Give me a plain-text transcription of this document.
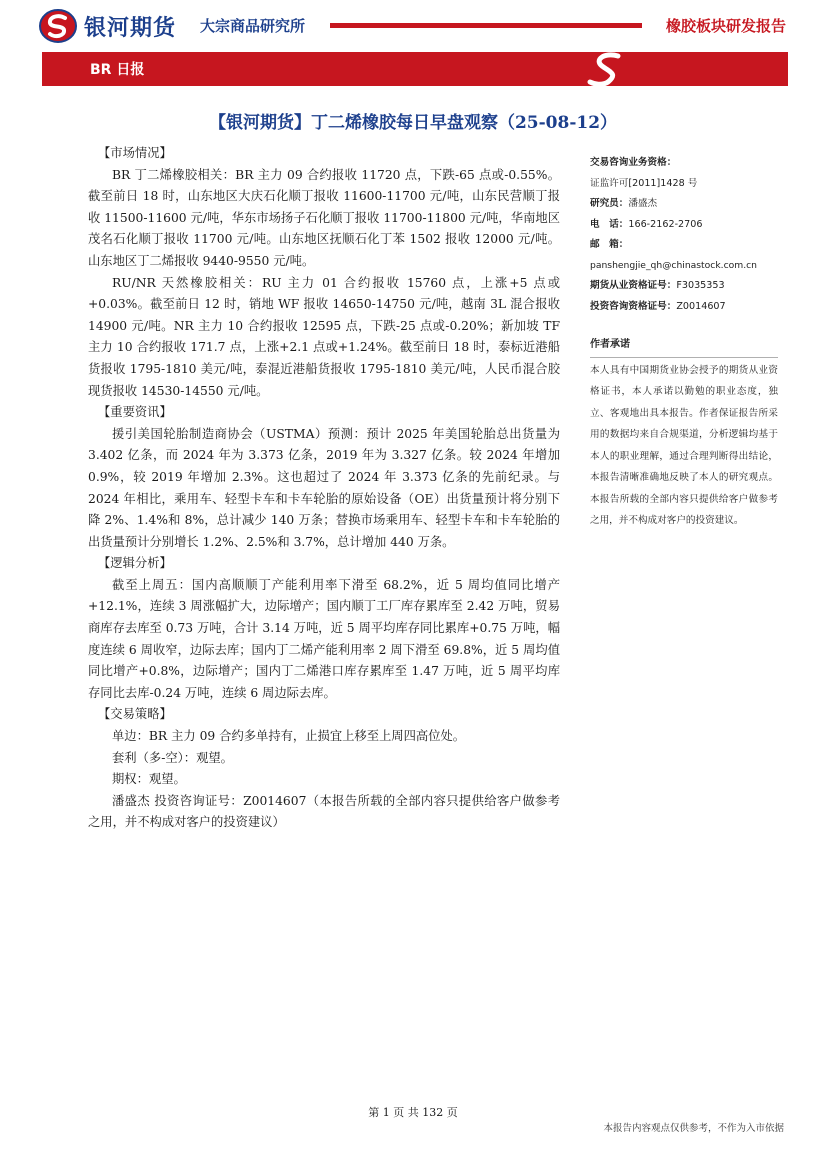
银河期货 大宗商品研究所	橡胶板块研发报告
BR 日报
【银河期货】丁二烯橡胶每日早盘观察（25-08-12）

【市场情况】

BR 丁二烯橡胶相关：BR 主力 09 合约报收 11720 点，下跌-65 点或-0.55%。截至前日 18 时，山东地区大庆石化顺丁报收 11600-11700 元/吨，山东民营顺丁报收 11500-11600 元/吨，华东市场扬子石化顺丁报收 11700-11800 元/吨，华南地区茂名石化顺丁报收 11700 元/吨。山东地区抚顺石化丁苯 1502 报收 12000 元/吨。山东地区丁二烯报收 9440-9550 元/吨。

RU/NR 天然橡胶相关：RU 主力 01 合约报收 15760 点，上涨+5 点或+0.03%。截至前日 12 时，销地 WF 报收 14650-14750 元/吨，越南 3L 混合报收 14900 元/吨。NR 主力 10 合约报收 12595 点，下跌-25 点或-0.20%；新加坡 TF 主力 10 合约报收 171.7 点，上涨+2.1 点或+1.24%。截至前日 18 时，泰标近港船货报收 1795-1810 美元/吨，泰混近港船货报收 1795-1810 美元/吨，人民币混合胶现货报收 14530-14550 元/吨。

【重要资讯】

援引美国轮胎制造商协会（USTMA）预测：预计 2025 年美国轮胎总出货量为 3.402 亿条，而 2024 年为 3.373 亿条，2019 年为 3.327 亿条。较 2024 年增加 0.9%，较 2019 年增加 2.3%。这也超过了 2024 年 3.373 亿条的先前纪录。与 2024 年相比，乘用车、轻型卡车和卡车轮胎的原始设备（OE）出货量预计将分别下降 2%、1.4%和 8%，总计减少 140 万条；替换市场乘用车、轻型卡车和卡车轮胎的出货量预计分别增长 1.2%、2.5%和 3.7%，总计增加 440 万条。

【逻辑分析】

截至上周五：国内高顺顺丁产能利用率下滑至 68.2%，近 5 周均值同比增产+12.1%，连续 3 周涨幅扩大，边际增产；国内顺丁工厂库存累库至 2.42 万吨，贸易商库存去库至 0.73 万吨，合计 3.14 万吨，近 5 周平均库存同比累库+0.75 万吨，幅度连续 6 周收窄，边际去库；国内丁二烯产能利用率 2 周下滑至 69.8%，近 5 周均值同比增产+0.8%，边际增产；国内丁二烯港口库存累库至 1.47 万吨，近 5 周平均库存同比去库-0.24 万吨，连续 6 周边际去库。

【交易策略】

单边：BR 主力 09 合约多单持有，止损宜上移至上周四高位处。

套利（多-空）：观望。

期权：观望。

潘盛杰 投资咨询证号：Z0014607（本报告所载的全部内容只提供给客户做参考之用，并不构成对客户的投资建议）

交易咨询业务资格：
证监许可[2011]1428 号
研究员：潘盛杰
电　话：166-2162-2706
邮　箱：
panshengjie_qh@chinastock.com.cn
期货从业资格证号：F3035353
投资咨询资格证号：Z0014607
作者承诺
本人具有中国期货业协会授予的期货从业资格证书，本人承诺以勤勉的职业态度，独立、客观地出具本报告。作者保证报告所采用的数据均来自合规渠道，分析逻辑均基于本人的职业理解，通过合理判断得出结论，本报告清晰准确地反映了本人的研究观点。本报告所载的全部内容只提供给客户做参考之用，并不构成对客户的投资建议。
第 1 页 共 132 页
本报告内容观点仅供参考，不作为入市依据
